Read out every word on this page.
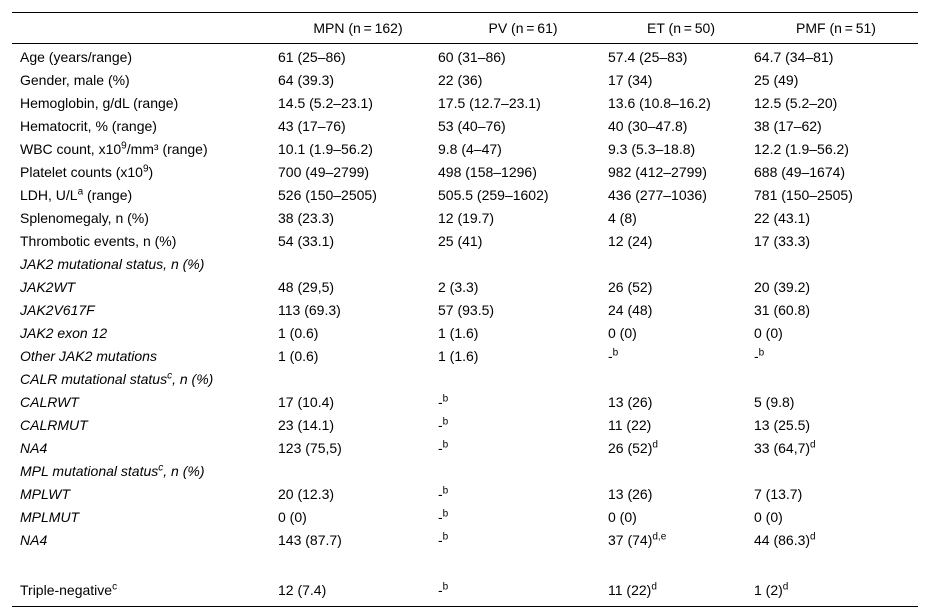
	MPN (n = 162)	PV (n = 61)	ET (n = 50)	PMF (n = 51)
Age (years/range)	61 (25–86)	60 (31–86)	57.4 (25–83)	64.7 (34–81)
Gender, male (%)	64 (39.3)	22 (36)	17 (34)	25 (49)
Hemoglobin, g/dL (range)	14.5 (5.2–23.1)	17.5 (12.7–23.1)	13.6 (10.8–16.2)	12.5 (5.2–20)
Hematocrit, % (range)	43 (17–76)	53 (40–76)	40 (30–47.8)	38 (17–62)
WBC count, $x10^9$/mm³ (range)	10.1 (1.9–56.2)	9.8 (4–47)	9.3 (5.3–18.8)	12.2 (1.9–56.2)
Platelet counts $(x10^9)$	700 (49–2799)	498 (158–1296)	982 (412–2799)	688 (49–1674)
LDH, $U/L^a$ (range)	526 (150–2505)	505.5 (259–1602)	436 (277–1036)	781 (150–2505)
Splenomegaly, n (%)	38 (23.3)	12 (19.7)	4 (8)	22 (43.1)
Thrombotic events, n (%)	54 (33.1)	25 (41)	12 (24)	17 (33.3)
JAK2 mutational status, n (%)				
JAK2WT	48 (29,5)	2 (3.3)	26 (52)	20 (39.2)
JAK2V617F	113 (69.3)	57 (93.5)	24 (48)	31 (60.8)
JAK2 exon 12	1 (0.6)	1 (1.6)	0 (0)	0 (0)
Other JAK2 mutations	1 (0.6)	1 (1.6)	-$^b$	-$^b$
CALR mutational status$^c$, n (%)				
CALRWT	17 (10.4)	-$^b$	13 (26)	5 (9.8)
CALRMUT	23 (14.1)	-$^b$	11 (22)	13 (25.5)
NA4	123 (75,5)	-$^b$	26 $(52)^d$	33 $(64,7)^d$
MPL mutational status$^c$, n (%)				
MPLWT	20 (12.3)	-$^b$	13 (26)	7 (13.7)
MPLMUT	0 (0)	-$^b$	0 (0)	0 (0)
NA4	143 (87.7)	-$^b$	37 $(74)^{d,e}$	44 $(86.3)^d$

Triple-negative$^c$	12 (7.4)	-$^b$	11 $(22)^d$	1 $(2)^d$
